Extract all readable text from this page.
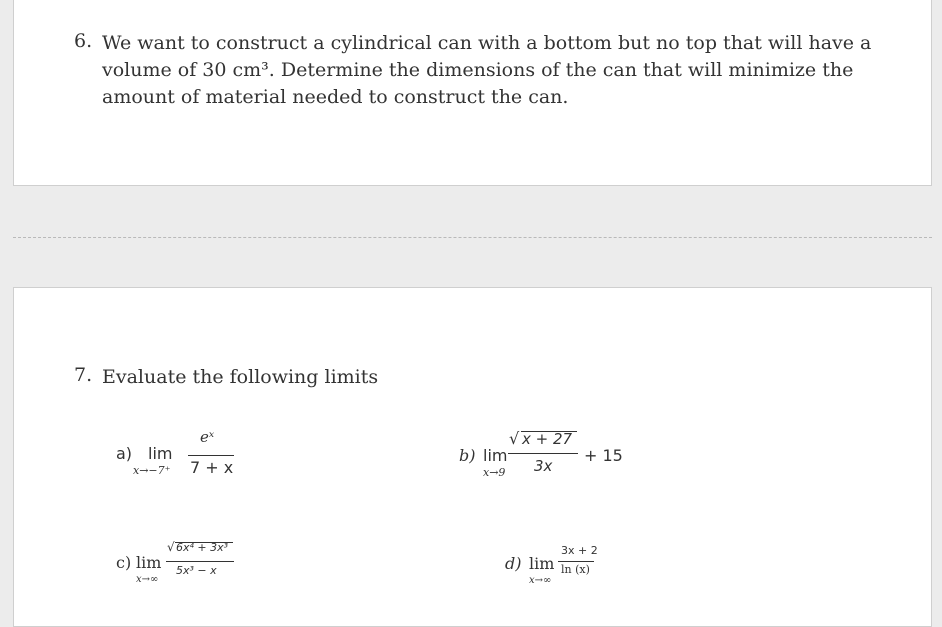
6. We want to construct a cylindrical can with a bottom but no top that will have a volume of 30 cm³. Determine the dimensions of the can that will minimize the amount of material needed to construct the can.
7. Evaluate the following limits
a) lim
x→−7⁺
eˣ
7 + x
b) lim
x→9
√ x + 27
3x
+ 15
c) lim
x→∞
√ 6x⁴ + 3x³
5x³ − x	d) lim
x→∞
3x + 2
ln (x)
